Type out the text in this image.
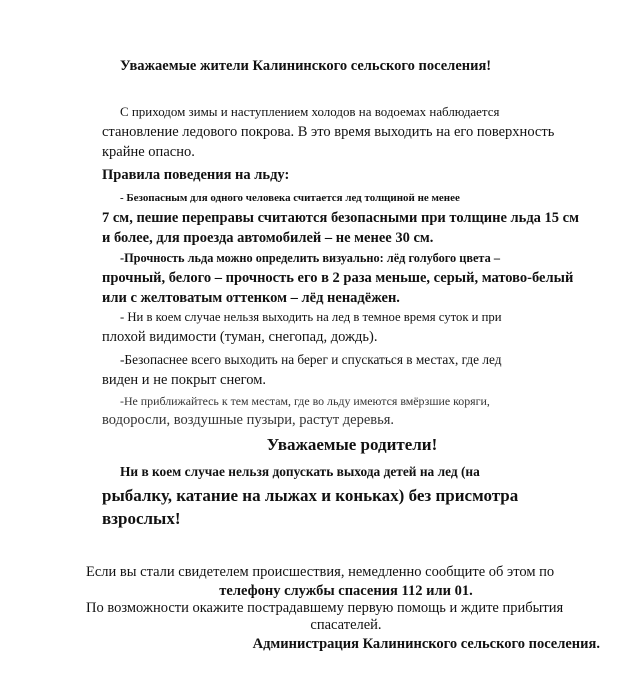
Уважаемые жители Калининского сельского поселения!
С приходом зимы и наступлением холодов на водоемах наблюдается
становление ледового покрова. В это время выходить на его поверхность
крайне опасно.
Правила поведения на льду:
- Безопасным для одного человека считается лед толщиной не менее
7 см, пешие переправы считаются безопасными при толщине льда 15 см
и более, для проезда автомобилей – не менее 30 см.
-Прочность льда можно определить визуально: лёд голубого цвета –
прочный, белого – прочность его в 2 раза меньше, серый, матово-белый
или с желтоватым оттенком – лёд ненадёжен.
- Ни в коем случае нельзя выходить на лед в темное время суток и при
плохой видимости (туман, снегопад, дождь).
-Безопаснее всего выходить на берег и спускаться в местах, где лед
виден и не покрыт снегом.
-Не приближайтесь к тем местам, где во льду имеются вмёрзшие коряги,
водоросли, воздушные пузыри, растут деревья.
Уважаемые родители!
Ни в коем случае нельзя допускать выхода детей на лед (на
рыбалку, катание на лыжах и коньках) без присмотра
взрослых!
Если вы стали свидетелем происшествия, немедленно сообщите об этом по
телефону службы спасения 112 или 01.
По возможности окажите пострадавшему первую помощь и ждите прибытия
спасателей.
Администрация Калининского сельского поселения.
